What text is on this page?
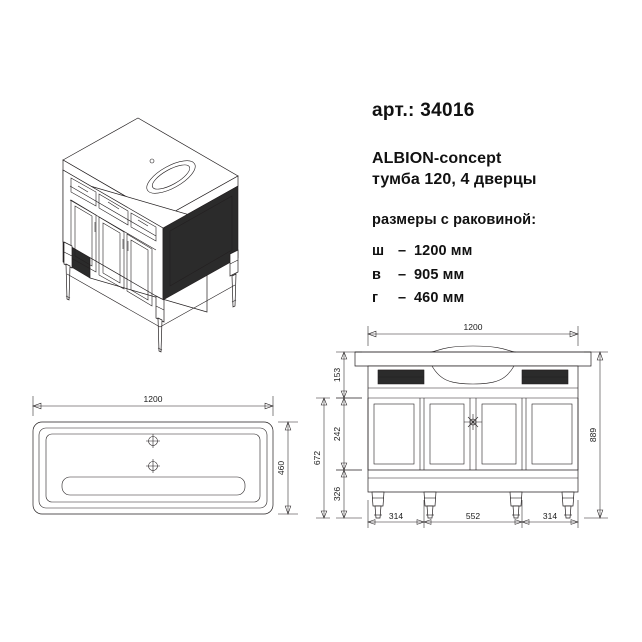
арт.: 34016
ALBION-concept
тумба 120, 4 дверцы
размеры с раковиной:
ш – 1200 мм
в	– 905 мм
г	– 460 мм
1200
460
1200
889
153
242
326
672
314	552	314
